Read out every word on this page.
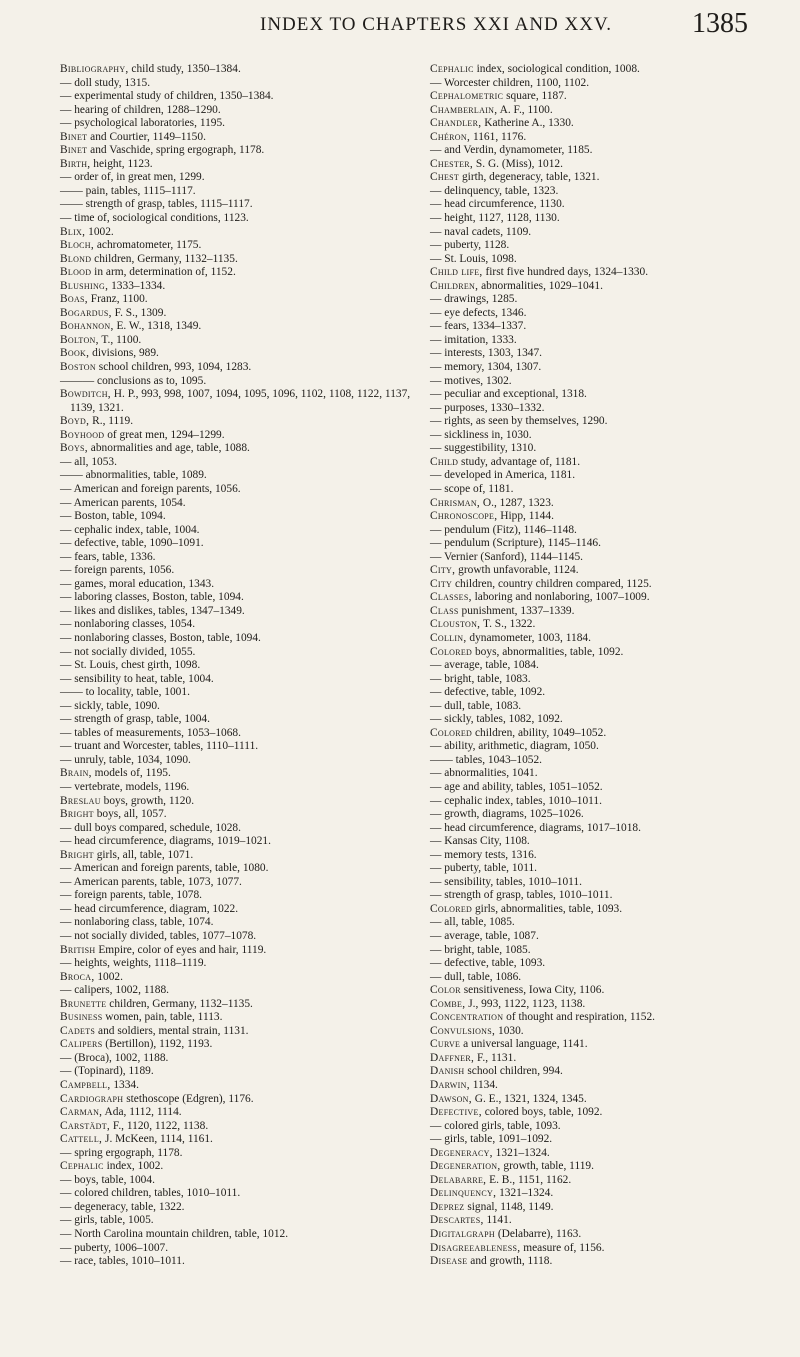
INDEX TO CHAPTERS XXI AND XXV.	1385
Bibliography, child study, 1350–1384.
— doll study, 1315.
— experimental study of children, 1350–1384.
— hearing of children, 1288–1290.
— psychological laboratories, 1195.
Binet and Courtier, 1149–1150.
Binet and Vaschide, spring ergograph, 1178.
Birth, height, 1123.
— order of, in great men, 1299.
—— pain, tables, 1115–1117.
—— strength of grasp, tables, 1115–1117.
— time of, sociological conditions, 1123.
Blix, 1002.
Bloch, achromatometer, 1175.
Blond children, Germany, 1132–1135.
Blood in arm, determination of, 1152.
Blushing, 1333–1334.
Boas, Franz, 1100.
Bogardus, F. S., 1309.
Bohannon, E. W., 1318, 1349.
Bolton, T., 1100.
Book, divisions, 989.
Boston school children, 993, 1094, 1283.
——— conclusions as to, 1095.
Bowditch, H. P., 993, 998, 1007, 1094, 1095, 1096, 1102, 1108, 1122, 1137, 1139, 1321.
Boyd, R., 1119.
Boyhood of great men, 1294–1299.
Boys, abnormalities and age, table, 1088.
— all, 1053.
—— abnormalities, table, 1089.
— American and foreign parents, 1056.
— American parents, 1054.
— Boston, table, 1094.
— cephalic index, table, 1004.
— defective, table, 1090–1091.
— fears, table, 1336.
— foreign parents, 1056.
— games, moral education, 1343.
— laboring classes, Boston, table, 1094.
— likes and dislikes, tables, 1347–1349.
— nonlaboring classes, 1054.
— nonlaboring classes, Boston, table, 1094.
— not socially divided, 1055.
— St. Louis, chest girth, 1098.
— sensibility to heat, table, 1004.
—— to locality, table, 1001.
— sickly, table, 1090.
— strength of grasp, table, 1004.
— tables of measurements, 1053–1068.
— truant and Worcester, tables, 1110–1111.
— unruly, table, 1034, 1090.
Brain, models of, 1195.
— vertebrate, models, 1196.
Breslau boys, growth, 1120.
Bright boys, all, 1057.
— dull boys compared, schedule, 1028.
— head circumference, diagrams, 1019–1021.
Bright girls, all, table, 1071.
— American and foreign parents, table, 1080.
— American parents, table, 1073, 1077.
— foreign parents, table, 1078.
— head circumference, diagram, 1022.
— nonlaboring class, table, 1074.
— not socially divided, tables, 1077–1078.
British Empire, color of eyes and hair, 1119.
— heights, weights, 1118–1119.
Broca, 1002.
— calipers, 1002, 1188.
Brunette children, Germany, 1132–1135.
Business women, pain, table, 1113.
Cadets and soldiers, mental strain, 1131.
Calipers (Bertillon), 1192, 1193.
— (Broca), 1002, 1188.
— (Topinard), 1189.
Campbell, 1334.
Cardiograph stethoscope (Edgren), 1176.
Carman, Ada, 1112, 1114.
Carstädt, F., 1120, 1122, 1138.
Cattell, J. McKeen, 1114, 1161.
— spring ergograph, 1178.
Cephalic index, 1002.
— boys, table, 1004.
— colored children, tables, 1010–1011.
— degeneracy, table, 1322.
— girls, table, 1005.
— North Carolina mountain children, table, 1012.
— puberty, 1006–1007.
— race, tables, 1010–1011.
Cephalic index, sociological condition, 1008.
— Worcester children, 1100, 1102.
Cephalometric square, 1187.
Chamberlain, A. F., 1100.
Chandler, Katherine A., 1330.
Chéron, 1161, 1176.
— and Verdin, dynamometer, 1185.
Chester, S. G. (Miss), 1012.
Chest girth, degeneracy, table, 1321.
— delinquency, table, 1323.
— head circumference, 1130.
— height, 1127, 1128, 1130.
— naval cadets, 1109.
— puberty, 1128.
— St. Louis, 1098.
Child life, first five hundred days, 1324–1330.
Children, abnormalities, 1029–1041.
— drawings, 1285.
— eye defects, 1346.
— fears, 1334–1337.
— imitation, 1333.
— interests, 1303, 1347.
— memory, 1304, 1307.
— motives, 1302.
— peculiar and exceptional, 1318.
— purposes, 1330–1332.
— rights, as seen by themselves, 1290.
— sickliness in, 1030.
— suggestibility, 1310.
Child study, advantage of, 1181.
— developed in America, 1181.
— scope of, 1181.
Chrisman, O., 1287, 1323.
Chronoscope, Hipp, 1144.
— pendulum (Fitz), 1146–1148.
— pendulum (Scripture), 1145–1146.
— Vernier (Sanford), 1144–1145.
City, growth unfavorable, 1124.
City children, country children compared, 1125.
Classes, laboring and nonlaboring, 1007–1009.
Class punishment, 1337–1339.
Clouston, T. S., 1322.
Collin, dynamometer, 1003, 1184.
Colored boys, abnormalities, table, 1092.
— average, table, 1084.
— bright, table, 1083.
— defective, table, 1092.
— dull, table, 1083.
— sickly, tables, 1082, 1092.
Colored children, ability, 1049–1052.
— ability, arithmetic, diagram, 1050.
—— tables, 1043–1052.
— abnormalities, 1041.
— age and ability, tables, 1051–1052.
— cephalic index, tables, 1010–1011.
— growth, diagrams, 1025–1026.
— head circumference, diagrams, 1017–1018.
— Kansas City, 1108.
— memory tests, 1316.
— puberty, table, 1011.
— sensibility, tables, 1010–1011.
— strength of grasp, tables, 1010–1011.
Colored girls, abnormalities, table, 1093.
— all, table, 1085.
— average, table, 1087.
— bright, table, 1085.
— defective, table, 1093.
— dull, table, 1086.
Color sensitiveness, Iowa City, 1106.
Combe, J., 993, 1122, 1123, 1138.
Concentration of thought and respiration, 1152.
Convulsions, 1030.
Curve a universal language, 1141.
Daffner, F., 1131.
Danish school children, 994.
Darwin, 1134.
Dawson, G. E., 1321, 1324, 1345.
Defective, colored boys, table, 1092.
— colored girls, table, 1093.
— girls, table, 1091–1092.
Degeneracy, 1321–1324.
Degeneration, growth, table, 1119.
Delabarre, E. B., 1151, 1162.
Delinquency, 1321–1324.
Deprez signal, 1148, 1149.
Descartes, 1141.
Digitalgraph (Delabarre), 1163.
Disagreeableness, measure of, 1156.
Disease and growth, 1118.
